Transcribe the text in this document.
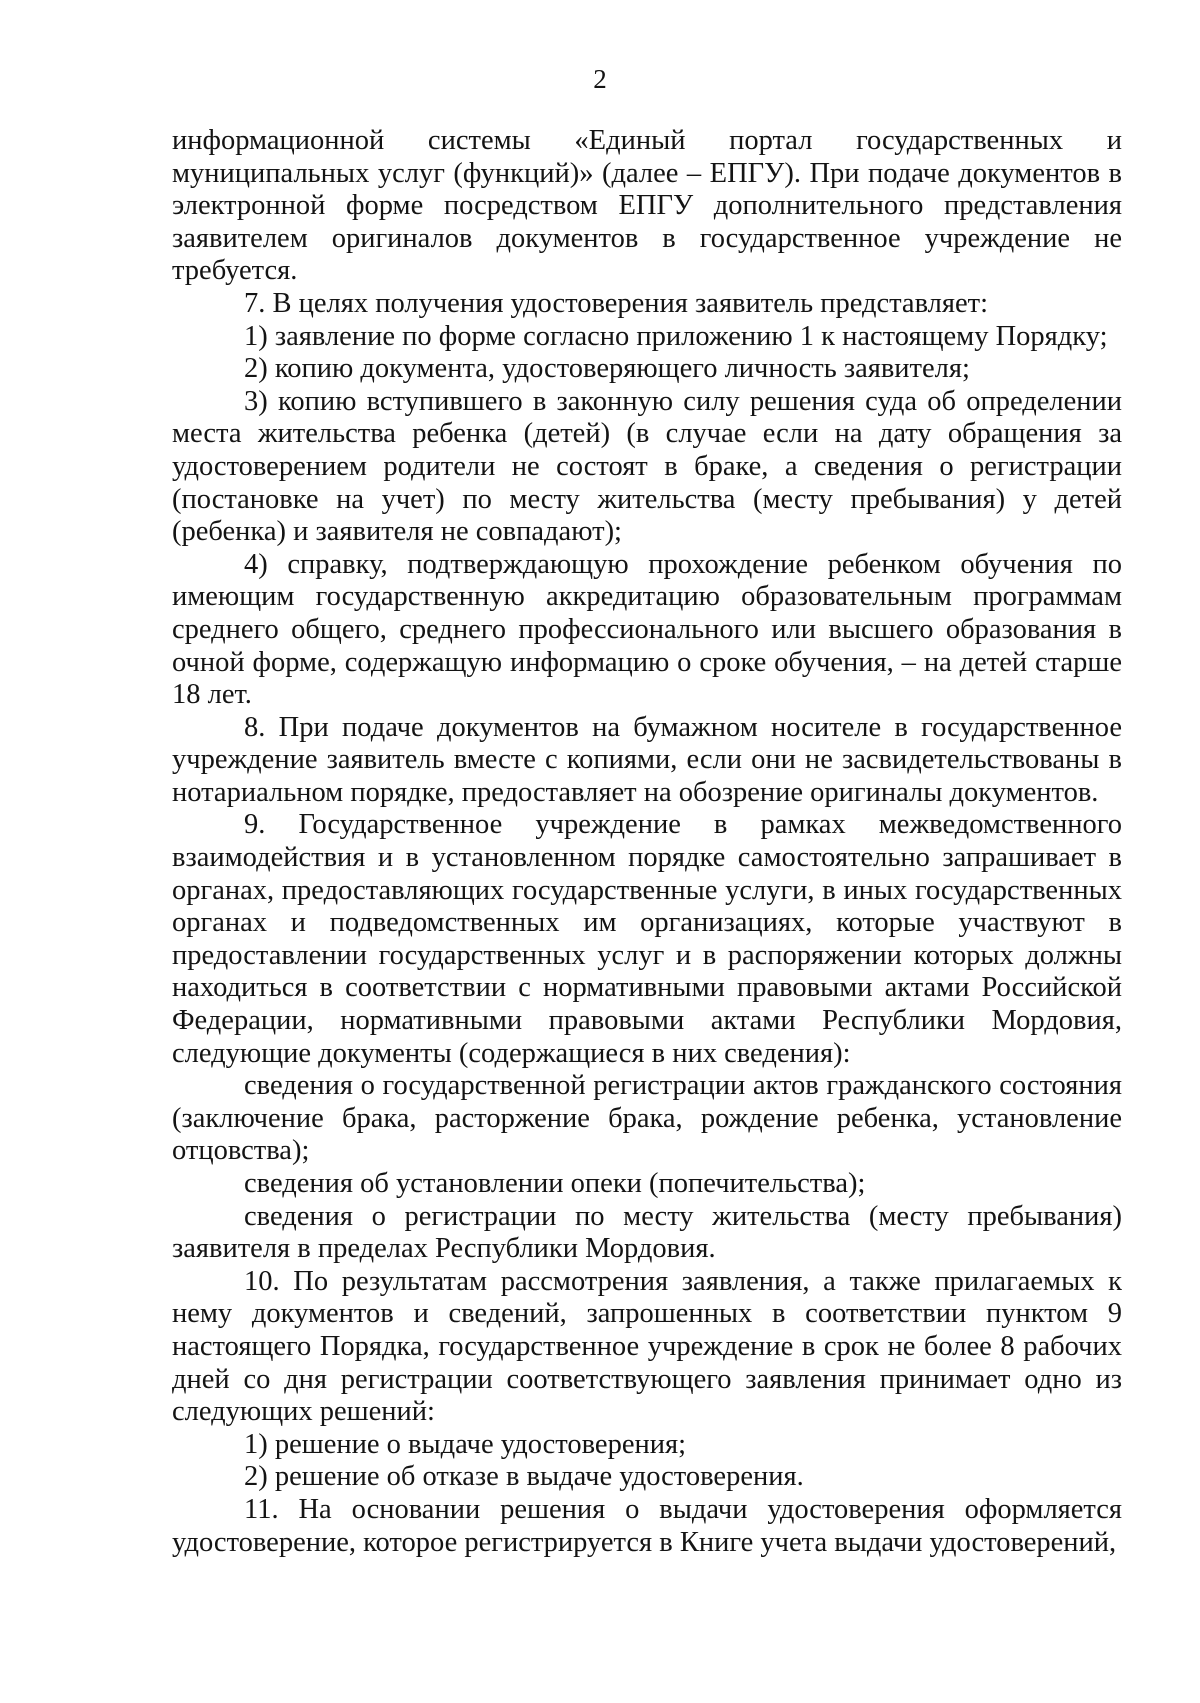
2

информационной системы «Единый портал государственных и муниципальных услуг (функций)» (далее – ЕПГУ). При подаче документов в электронной форме посредством ЕПГУ дополнительного представления заявителем оригиналов документов в государственное учреждение не требуется.

7. В целях получения удостоверения заявитель представляет:

1) заявление по форме согласно приложению 1 к настоящему Порядку;

2) копию документа, удостоверяющего личность заявителя;

3) копию вступившего в законную силу решения суда об определении места жительства ребенка (детей) (в случае если на дату обращения за удостоверением родители не состоят в браке, а сведения о регистрации (постановке на учет) по месту жительства (месту пребывания) у детей (ребенка) и заявителя не совпадают);

4) справку, подтверждающую прохождение ребенком обучения по имеющим государственную аккредитацию образовательным программам среднего общего, среднего профессионального или высшего образования в очной форме, содержащую информацию о сроке обучения, – на детей старше 18 лет.

8. При подаче документов на бумажном носителе в государственное учреждение заявитель вместе с копиями, если они не засвидетельствованы в нотариальном порядке, предоставляет на обозрение оригиналы документов.

9. Государственное учреждение в рамках межведомственного взаимодействия и в установленном порядке самостоятельно запрашивает в органах, предоставляющих государственные услуги, в иных государственных органах и подведомственных им организациях, которые участвуют в предоставлении государственных услуг и в распоряжении которых должны находиться в соответствии с нормативными правовыми актами Российской Федерации, нормативными правовыми актами Республики Мордовия, следующие документы (содержащиеся в них сведения):

сведения о государственной регистрации актов гражданского состояния (заключение брака, расторжение брака, рождение ребенка, установление отцовства);

сведения об установлении опеки (попечительства);

сведения о регистрации по месту жительства (месту пребывания) заявителя в пределах Республики Мордовия.

10. По результатам рассмотрения заявления, а также прилагаемых к нему документов и сведений, запрошенных в соответствии пунктом 9 настоящего Порядка, государственное учреждение в срок не более 8 рабочих дней со дня регистрации соответствующего заявления принимает одно из следующих решений:

1) решение о выдаче удостоверения;

2) решение об отказе в выдаче удостоверения.

11. На основании решения о выдачи удостоверения оформляется удостоверение, которое регистрируется в Книге учета выдачи удостоверений,
